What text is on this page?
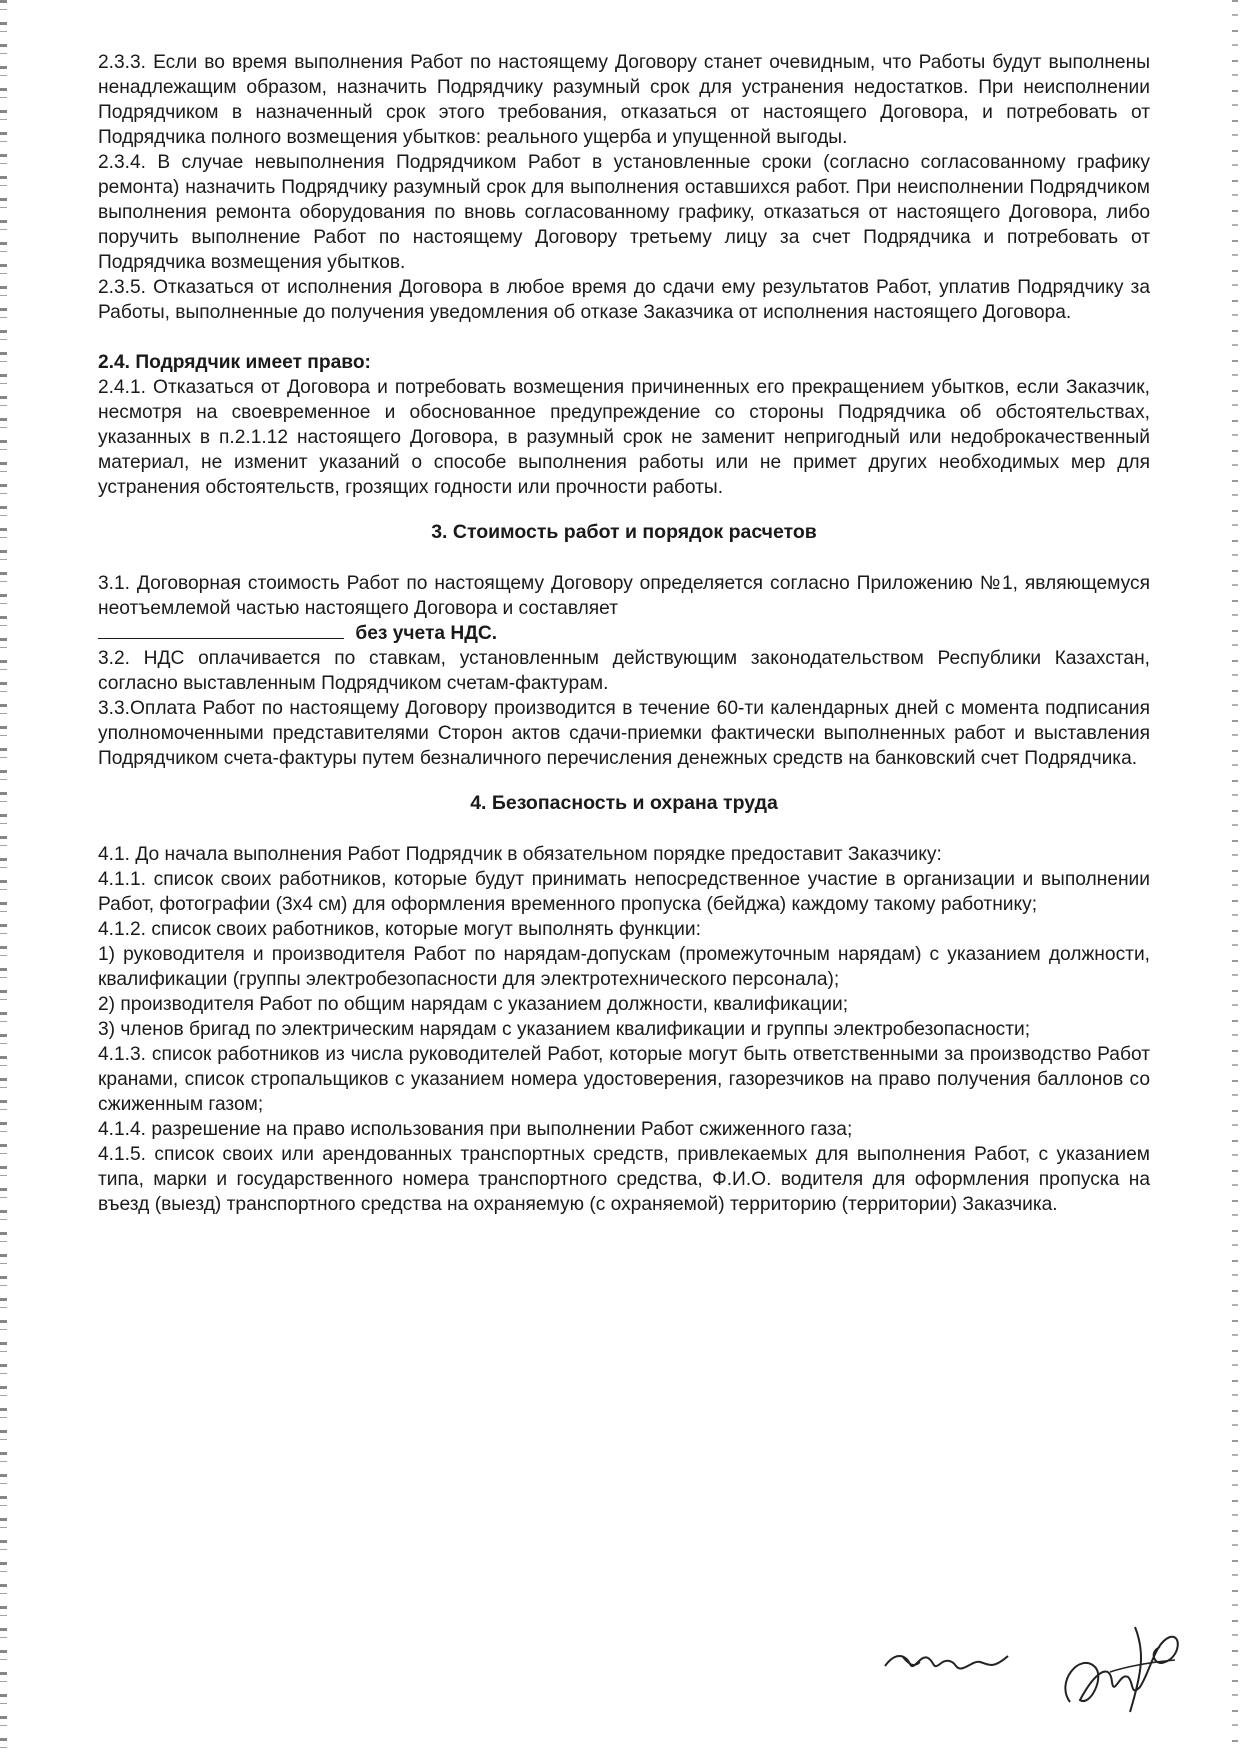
2.3.3. Если во время выполнения Работ по настоящему Договору станет очевидным, что Работы будут выполнены ненадлежащим образом, назначить Подрядчику разумный срок для устранения недостатков. При неисполнении Подрядчиком в назначенный срок этого требования, отказаться от настоящего Договора, и потребовать от Подрядчика полного возмещения убытков: реального ущерба и упущенной выгоды.

2.3.4. В случае невыполнения Подрядчиком Работ в установленные сроки (согласно согласованному графику ремонта) назначить Подрядчику разумный срок для выполнения оставшихся работ. При неисполнении Подрядчиком выполнения ремонта оборудования по вновь согласованному графику, отказаться от настоящего Договора, либо поручить выполнение Работ по настоящему Договору третьему лицу за счет Подрядчика и потребовать от Подрядчика возмещения убытков.

2.3.5. Отказаться от исполнения Договора в любое время до сдачи ему результатов Работ, уплатив Подрядчику за Работы, выполненные до получения уведомления об отказе Заказчика от исполнения настоящего Договора.

2.4. Подрядчик имеет право:

2.4.1. Отказаться от Договора и потребовать возмещения причиненных его прекращением убытков, если Заказчик, несмотря на своевременное и обоснованное предупреждение со стороны Подрядчика об обстоятельствах, указанных в п.2.1.12 настоящего Договора, в разумный срок не заменит непригодный или недоброкачественный материал, не изменит указаний о способе выполнения работы или не примет других необходимых мер для устранения обстоятельств, грозящих годности или прочности работы.

3. Стоимость работ и порядок расчетов

3.1. Договорная стоимость Работ по настоящему Договору определяется согласно Приложению №1, являющемуся неотъемлемой частью настоящего Договора и составляет
без учета НДС.

3.2. НДС оплачивается по ставкам, установленным действующим законодательством Республики Казахстан, согласно выставленным Подрядчиком счетам-фактурам.

3.3.Оплата Работ по настоящему Договору производится в течение 60-ти календарных дней с момента подписания уполномоченными представителями Сторон актов сдачи-приемки фактически выполненных работ и выставления Подрядчиком счета-фактуры путем безналичного перечисления денежных средств на банковский счет Подрядчика.

4. Безопасность и охрана труда

4.1. До начала выполнения Работ Подрядчик в обязательном порядке предоставит Заказчику:

4.1.1. список своих работников, которые будут принимать непосредственное участие в организации и выполнении Работ, фотографии (3х4 см) для оформления временного пропуска (бейджа) каждому такому работнику;

4.1.2. список своих работников, которые могут выполнять функции:

1) руководителя и производителя Работ по нарядам-допускам (промежуточным нарядам) с указанием должности, квалификации (группы электробезопасности для электротехнического персонала);

2) производителя Работ по общим нарядам с указанием должности, квалификации;

3) членов бригад по электрическим нарядам с указанием квалификации и группы электробезопасности;

4.1.3. список работников из числа руководителей Работ, которые могут быть ответственными за производство Работ кранами, список стропальщиков с указанием номера удостоверения, газорезчиков на право получения баллонов со сжиженным газом;

4.1.4. разрешение на право использования при выполнении Работ сжиженного газа;

4.1.5. список своих или арендованных транспортных средств, привлекаемых для выполнения Работ, с указанием типа, марки и государственного номера транспортного средства, Ф.И.О. водителя для оформления пропуска на въезд (выезд) транспортного средства на охраняемую (с охраняемой) территорию (территории) Заказчика.
